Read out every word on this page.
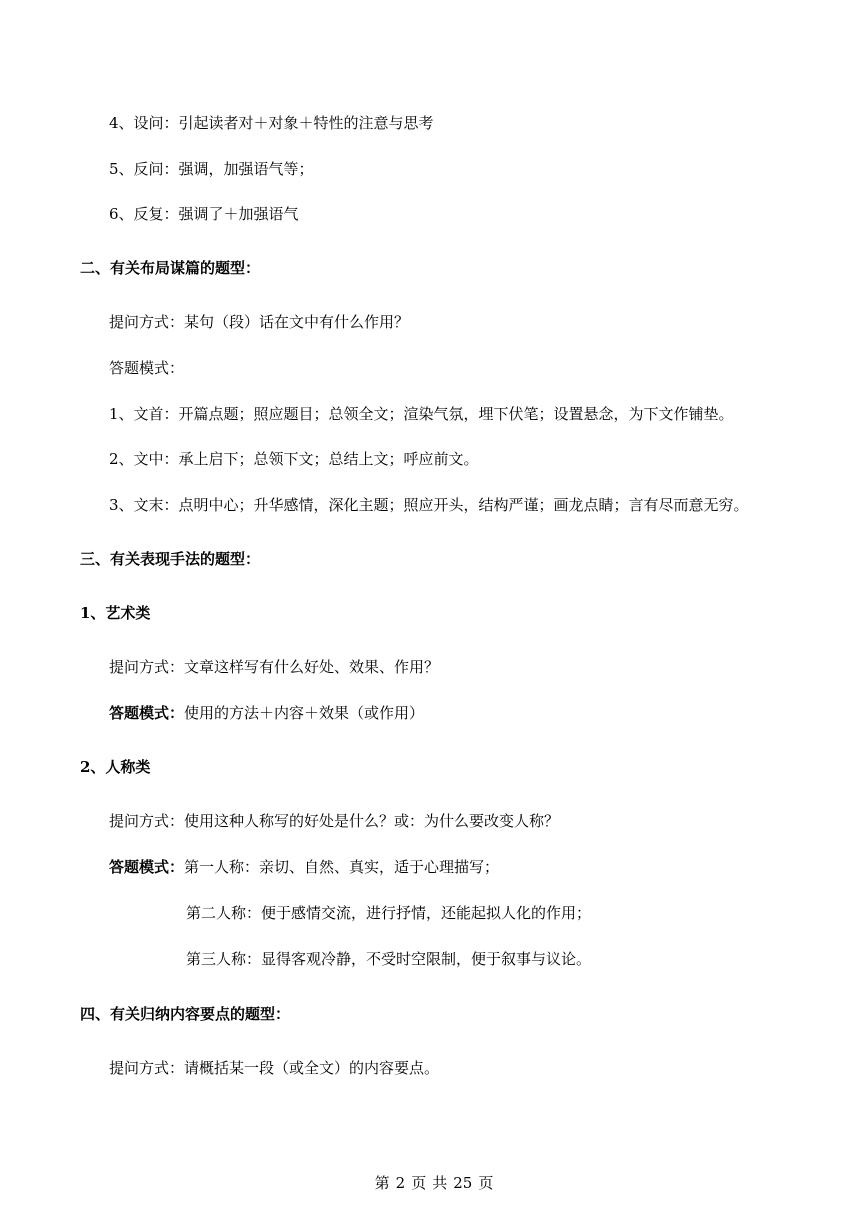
4、设问：引起读者对＋对象＋特性的注意与思考
5、反问：强调，加强语气等；
6、反复：强调了＋加强语气
二、有关布局谋篇的题型：
提问方式：某句（段）话在文中有什么作用？
答题模式：
1、文首：开篇点题；照应题目；总领全文；渲染气氛，埋下伏笔；设置悬念，为下文作铺垫。
2、文中：承上启下；总领下文；总结上文；呼应前文。
3、文末：点明中心；升华感情，深化主题；照应开头，结构严谨；画龙点睛；言有尽而意无穷。
三、有关表现手法的题型：
1、艺术类
提问方式：文章这样写有什么好处、效果、作用？
答题模式：使用的方法＋内容＋效果（或作用）
2、人称类
提问方式：使用这种人称写的好处是什么？或：为什么要改变人称？
答题模式：第一人称：亲切、自然、真实，适于心理描写；
第二人称：便于感情交流，进行抒情，还能起拟人化的作用；
第三人称：显得客观冷静，不受时空限制，便于叙事与议论。
四、有关归纳内容要点的题型：
提问方式：请概括某一段（或全文）的内容要点。
第 2 页 共 25 页
